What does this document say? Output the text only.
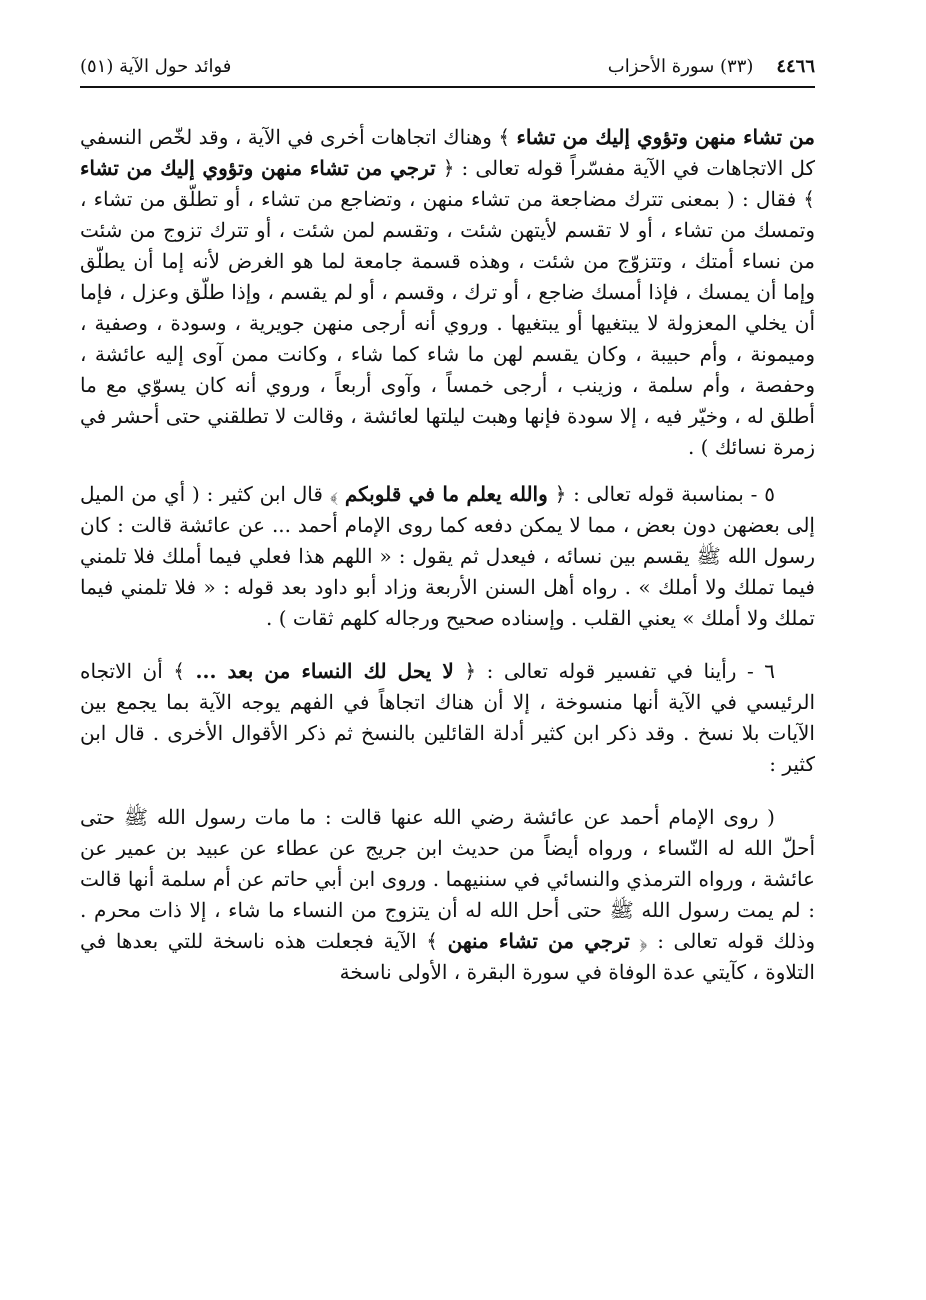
٤٤٦٦    (٣٣) سورة الأحزاب
فوائد حول الآية (٥١)

من تشاء منهن وتؤوي إليك من تشاء ﴾ وهناك اتجاهات أخرى في الآية ، وقد لخّص النسفي كل الاتجاهات في الآية مفسّراً قوله تعالى : ﴿ ترجي من تشاء منهن وتؤوي إليك من تشاء ﴾ فقال : ( بمعنى تترك مضاجعة من تشاء منهن ، وتضاجع من تشاء ، أو تطلّق من تشاء ، وتمسك من تشاء ، أو لا تقسم لأيتهن شئت ، وتقسم لمن شئت ، أو تترك تزوج من شئت من نساء أمتك ، وتتزوّج من شئت ، وهذه قسمة جامعة لما هو الغرض لأنه إما أن يطلّق وإما أن يمسك ، فإذا أمسك ضاجع ، أو ترك ، وقسم ، أو لم يقسم ، وإذا طلّق وعزل ، فإما أن يخلي المعزولة لا يبتغيها أو يبتغيها . وروي أنه أرجى منهن جويرية ، وسودة ، وصفية ، وميمونة ، وأم حبيبة ، وكان يقسم لهن ما شاء كما شاء ، وكانت ممن آوى إليه عائشة ، وحفصة ، وأم سلمة ، وزينب ، أرجى خمساً ، وآوى أربعاً ، وروي أنه كان يسوّي مع ما أطلق له ، وخيّر فيه ، إلا سودة فإنها وهبت ليلتها لعائشة ، وقالت لا تطلقني حتى أحشر في زمرة نسائك ) .

٥ - بمناسبة قوله تعالى : ﴿ والله يعلم ما في قلوبكم ﴾ قال ابن كثير : ( أي من الميل إلى بعضهن دون بعض ، مما لا يمكن دفعه كما روى الإمام أحمد ... عن عائشة قالت : كان رسول الله ﷺ يقسم بين نسائه ، فيعدل ثم يقول : « اللهم هذا فعلي فيما أملك فلا تلمني فيما تملك ولا أملك » . رواه أهل السنن الأربعة وزاد أبو داود بعد قوله : « فلا تلمني فيما تملك ولا أملك » يعني القلب . وإسناده صحيح ورجاله كلهم ثقات ) .

٦ - رأينا في تفسير قوله تعالى : ﴿ لا يحل لك النساء من بعد ... ﴾ أن الاتجاه الرئيسي في الآية أنها منسوخة ، إلا أن هناك اتجاهاً في الفهم يوجه الآية بما يجمع بين الآيات بلا نسخ . وقد ذكر ابن كثير أدلة القائلين بالنسخ ثم ذكر الأقوال الأخرى . قال ابن كثير :

( روى الإمام أحمد عن عائشة رضي الله عنها قالت : ما مات رسول الله ﷺ حتى أحلّ الله له النّساء ، ورواه أيضاً من حديث ابن جريج عن عطاء عن عبيد بن عمير عن عائشة ، ورواه الترمذي والنسائي في سننيهما . وروى ابن أبي حاتم عن أم سلمة أنها قالت : لم يمت رسول الله ﷺ حتى أحل الله له أن يتزوج من النساء ما شاء ، إلا ذات محرم . وذلك قوله تعالى : ﴿ ترجي من تشاء منهن ﴾ الآية فجعلت هذه ناسخة للتي بعدها في التلاوة ، كآيتي عدة الوفاة في سورة البقرة ، الأولى ناسخة
